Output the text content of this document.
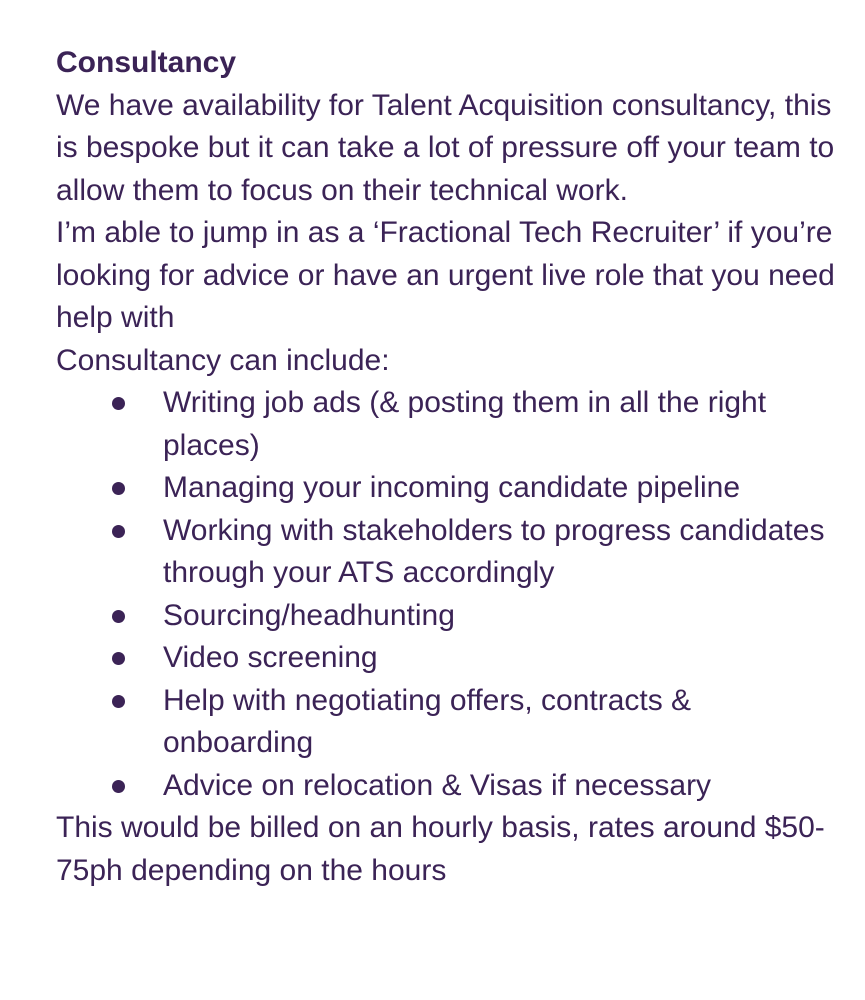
Consultancy
We have availability for Talent Acquisition consultancy, this is bespoke but it can take a lot of pressure off your team to allow them to focus on their technical work.
I’m able to jump in as a ‘Fractional Tech Recruiter’ if you’re looking for advice or have an urgent live role that you need help with
Consultancy can include:
Writing job ads (& posting them in all the right places)
Managing your incoming candidate pipeline
Working with stakeholders to progress candidates through your ATS accordingly
Sourcing/headhunting
Video screening
Help with negotiating offers, contracts & onboarding
Advice on relocation & Visas if necessary
This would be billed on an hourly basis, rates around $50-75ph depending on the hours
